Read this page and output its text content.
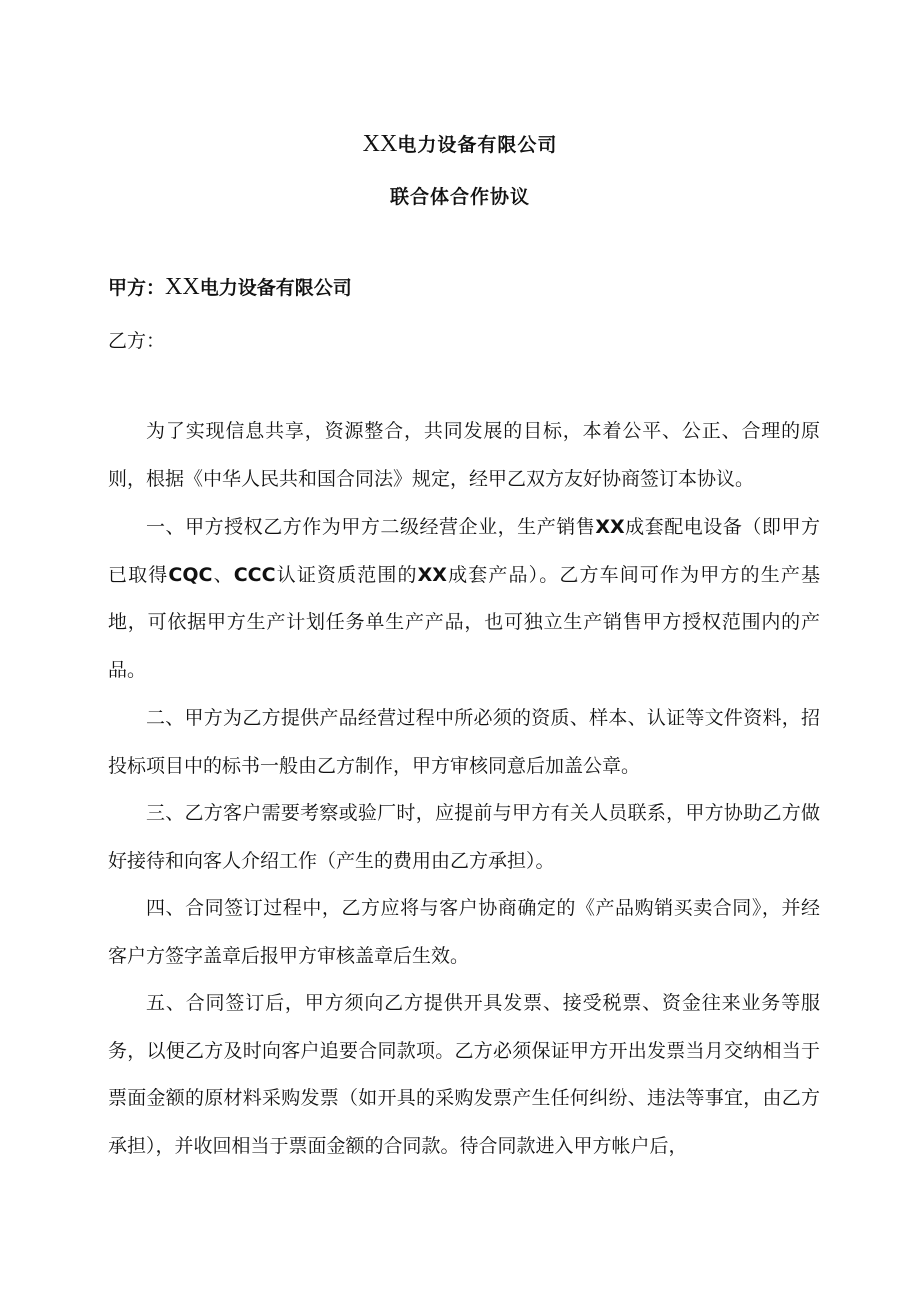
XX电力设备有限公司
联合体合作协议
甲方：XX电力设备有限公司
乙方：

为了实现信息共享，资源整合，共同发展的目标，本着公平、公正、合理的原则，根据《中华人民共和国合同法》规定，经甲乙双方友好协商签订本协议。

一、甲方授权乙方作为甲方二级经营企业，生产销售XX成套配电设备（即甲方已取得CQC、CCC认证资质范围的XX成套产品）。乙方车间可作为甲方的生产基地，可依据甲方生产计划任务单生产产品，也可独立生产销售甲方授权范围内的产品。

二、甲方为乙方提供产品经营过程中所必须的资质、样本、认证等文件资料，招投标项目中的标书一般由乙方制作，甲方审核同意后加盖公章。

三、乙方客户需要考察或验厂时，应提前与甲方有关人员联系，甲方协助乙方做好接待和向客人介绍工作（产生的费用由乙方承担）。

四、合同签订过程中，乙方应将与客户协商确定的《产品购销买卖合同》，并经客户方签字盖章后报甲方审核盖章后生效。

五、合同签订后，甲方须向乙方提供开具发票、接受税票、资金往来业务等服务，以便乙方及时向客户追要合同款项。乙方必须保证甲方开出发票当月交纳相当于票面金额的原材料采购发票（如开具的采购发票产生任何纠纷、违法等事宜，由乙方承担），并收回相当于票面金额的合同款。待合同款进入甲方帐户后，
